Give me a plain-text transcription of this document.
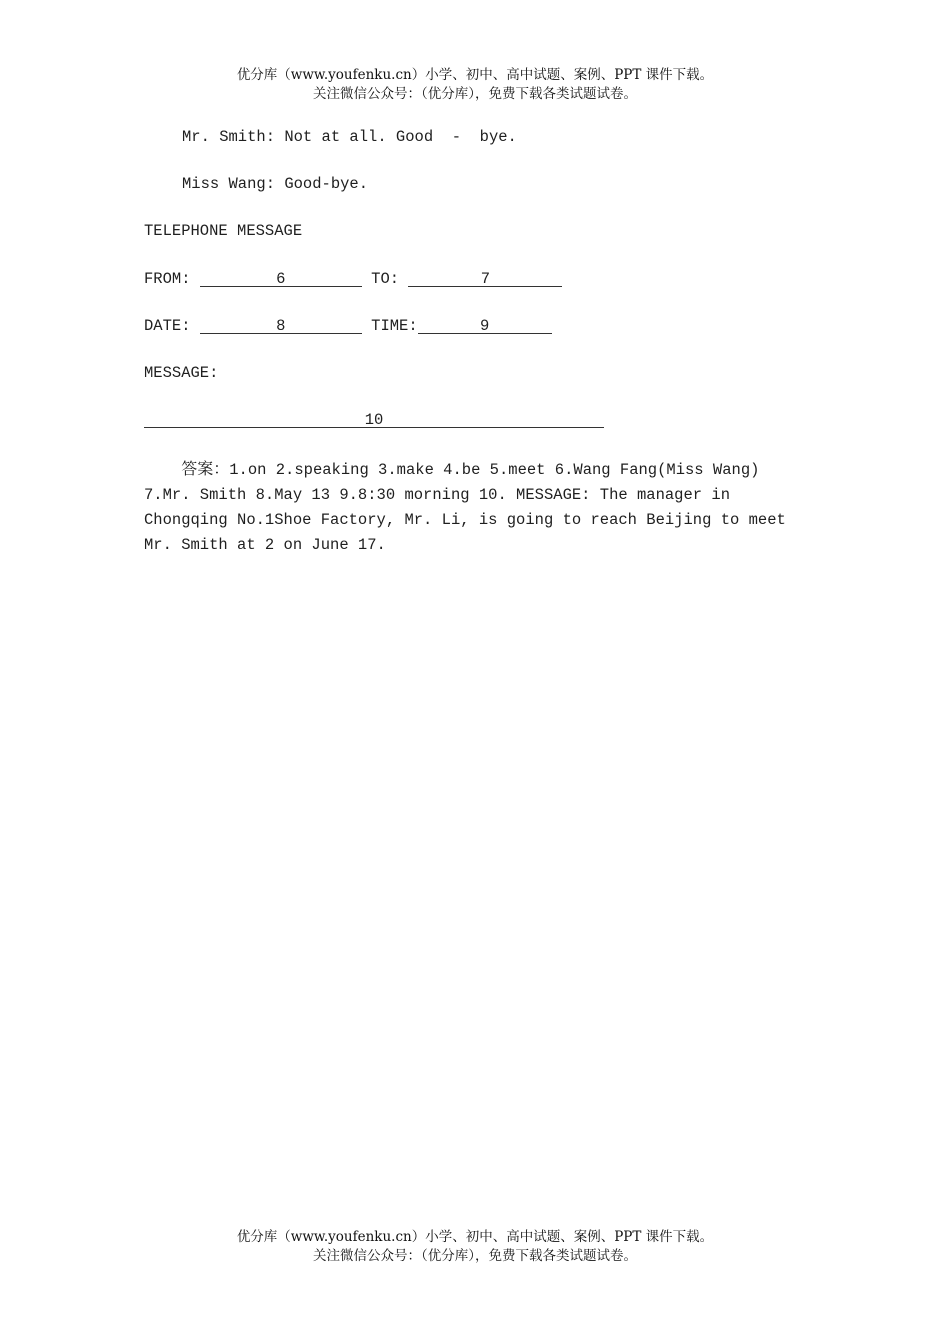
优分库（www.youfenku.cn）小学、初中、高中试题、案例、PPT 课件下载。
关注微信公众号：（优分库），免费下载各类试题试卷。
Mr. Smith: Not at all. Good  -  bye.
Miss Wang: Good-bye.
TELEPHONE MESSAGE
FROM:	6	TO:	7
DATE:	8	TIME:	9
MESSAGE:
10
答案：1.on 2.speaking 3.make 4.be 5.meet 6.Wang Fang(Miss Wang)
7.Mr. Smith 8.May 13 9.8:30 morning 10. MESSAGE: The manager in
Chongqing No.1Shoe Factory, Mr. Li, is going to reach Beijing to meet
Mr. Smith at 2 on June 17.
优分库（www.youfenku.cn）小学、初中、高中试题、案例、PPT 课件下载。
关注微信公众号：（优分库），免费下载各类试题试卷。
